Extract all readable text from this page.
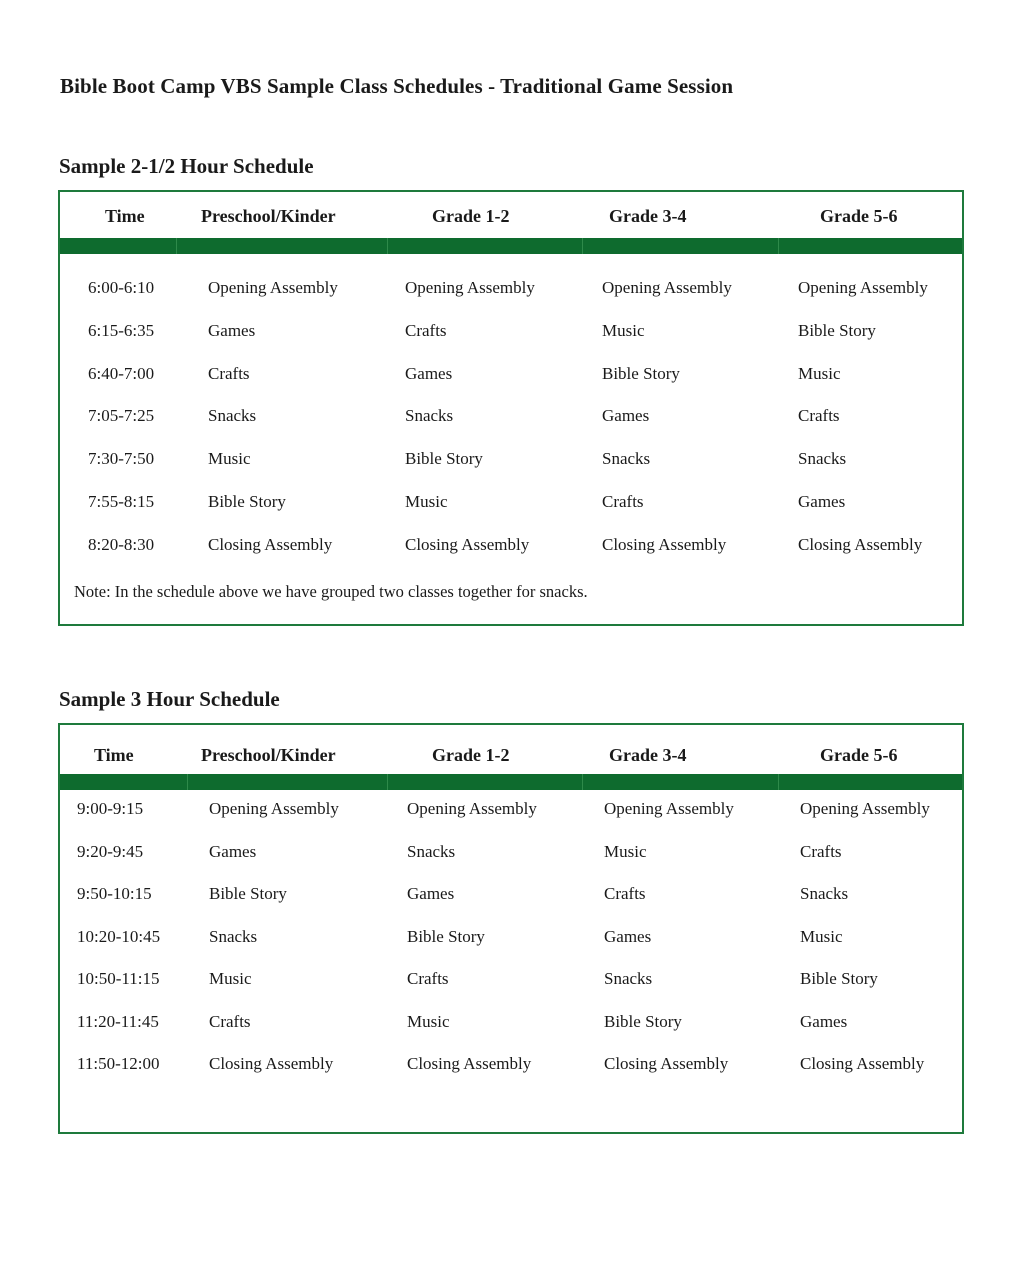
Bible Boot Camp VBS Sample Class Schedules - Traditional Game Session
Sample 2-1/2 Hour Schedule
Time	Preschool/Kinder	Grade 1-2	Grade 3-4	Grade 5-6
Note: In the schedule above we have grouped two classes together for snacks.
6:00-6:10	Opening Assembly	Opening Assembly	Opening Assembly	Opening Assembly
6:15-6:35	Games	Crafts	Music	Bible Story
6:40-7:00	Crafts	Games	Bible Story	Music
7:05-7:25	Snacks	Snacks	Games	Crafts
7:30-7:50	Music	Bible Story	Snacks	Snacks
7:55-8:15	Bible Story	Music	Crafts	Games
8:20-8:30	Closing Assembly	Closing Assembly	Closing Assembly	Closing Assembly
Sample 3 Hour Schedule
Time	Preschool/Kinder	Grade 1-2	Grade 3-4	Grade 5-6
9:00-9:15	Opening Assembly	Opening Assembly	Opening Assembly	Opening Assembly
9:20-9:45	Games	Snacks	Music	Crafts
9:50-10:15	Bible Story	Games	Crafts	Snacks
10:20-10:45	Snacks	Bible Story	Games	Music
10:50-11:15	Music	Crafts	Snacks	Bible Story
11:20-11:45	Crafts	Music	Bible Story	Games
11:50-12:00	Closing Assembly	Closing Assembly	Closing Assembly	Closing Assembly
